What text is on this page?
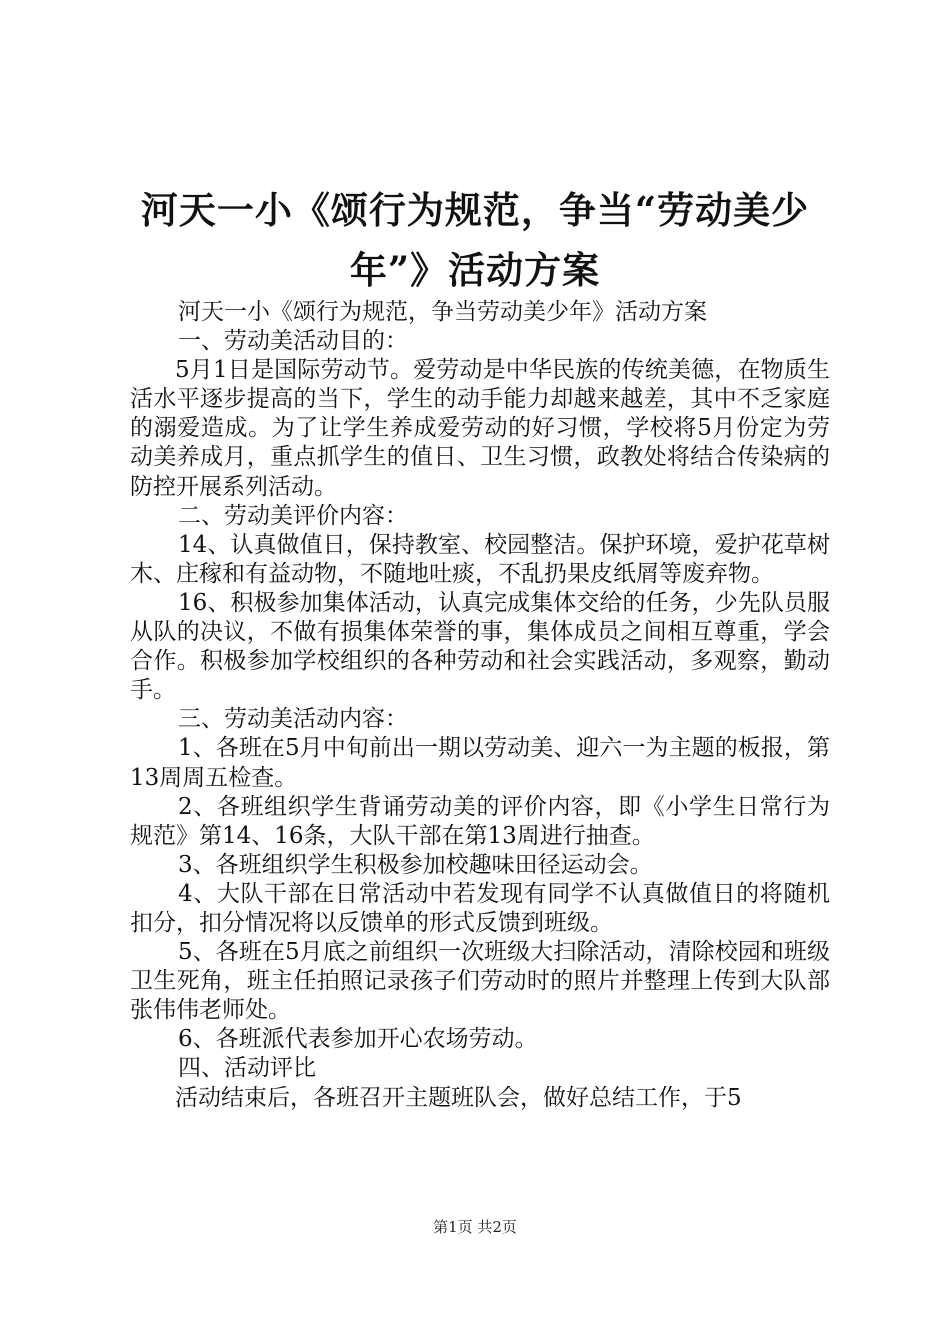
河天一小《颂行为规范，争当“劳动美少
年”》活动方案

河天一小《颂行为规范，争当劳动美少年》活动方案

一、劳动美活动目的：

5月1日是国际劳动节。爱劳动是中华民族的传统美德，在物质生活水平逐步提高的当下，学生的动手能力却越来越差，其中不乏家庭的溺爱造成。为了让学生养成爱劳动的好习惯，学校将5月份定为劳动美养成月，重点抓学生的值日、卫生习惯，政教处将结合传染病的防控开展系列活动。

二、劳动美评价内容：

14、认真做值日，保持教室、校园整洁。保护环境，爱护花草树木、庄稼和有益动物，不随地吐痰，不乱扔果皮纸屑等废弃物。

16、积极参加集体活动，认真完成集体交给的任务，少先队员服从队的决议，不做有损集体荣誉的事，集体成员之间相互尊重，学会合作。积极参加学校组织的各种劳动和社会实践活动，多观察，勤动手。

三、劳动美活动内容：

1、各班在5月中旬前出一期以劳动美、迎六一为主题的板报，第13周周五检查。

2、各班组织学生背诵劳动美的评价内容，即《小学生日常行为规范》第14、16条，大队干部在第13周进行抽查。

3、各班组织学生积极参加校趣味田径运动会。

4、大队干部在日常活动中若发现有同学不认真做值日的将随机扣分，扣分情况将以反馈单的形式反馈到班级。

5、各班在5月底之前组织一次班级大扫除活动，清除校园和班级卫生死角，班主任拍照记录孩子们劳动时的照片并整理上传到大队部张伟伟老师处。

6、各班派代表参加开心农场劳动。

四、活动评比

活动结束后，各班召开主题班队会，做好总结工作，于5

第1页 共2页
